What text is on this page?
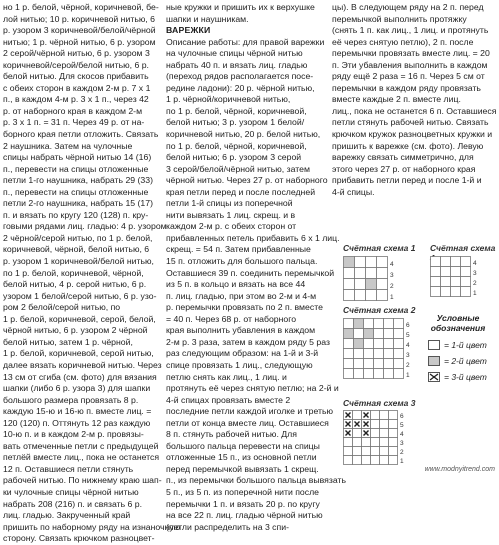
но 1 р. белой, чёрной, коричневой, бе-

лой нитью; 10 р. коричневой нитью, 6

р. узором 3 коричневой/белой/чёрной

нитью; 1 р. чёрной нитью, 6 р. узором

2 серой/чёрной нитью, 6 р. узором 3

коричневой/серой/белой нитью, 6 р.

белой нитью. Для скосов прибавить

с обеих сторон в каждом 2-м р. 7 х 1

п., в каждом 4-м р. 3 х 1 п., через 42

р. от наборного края в каждом 2-м

р. 3 х 1 п. = 31 п. Через 49 р. от на-

борного края петли отложить. Связать

2 наушника. Затем на чулочные

спицы набрать чёрной нитью 14 (16)

п., перевести на спицы отложенные

петли 1-го наушника, набрать 29 (33)

п., перевести на спицы отложенные

петли 2-го наушника, набрать 15 (17)

п. и вязать по кругу 120 (128) п. кру-

говыми рядами лиц. гладью: 4 р. узором

2 чёрной/серой нитью, по 1 р. белой,

коричневой, чёрной, белой нитью, 6

р. узором 1 коричневой/белой нитью,

по 1 р. белой, коричневой, чёрной,

белой нитью, 4 р. серой нитью, 6 р.

узором 1 белой/серой нитью, 6 р. узо-

ром 2 белой/серой нитью, по

1 р. белой, коричневой, серой, белой,

чёрной нитью, 6 р. узором 2 чёрной

белой нитью, затем 1 р. чёрной,

1 р. белой, коричневой, серой нитью,

далее вязать коричневой нитью. Через

13 см от сгиба (см. фото) для вязания

шапки (либо 6 р. узора 3) для шапки

большого размера провязать 8 р.

каждую 15-ю и 16-ю п. вместе лиц. =

120 (120) п. Оттянуть 12 раз каждую

10-ю п. и в каждом 2-м р. провязы-

вать отмеченные петли с предыдущей

петлёй вместе лиц., пока не останется

12 п. Оставшиеся петли стянуть

рабочей нитью. По нижнему краю шап-

ки чулочные спицы чёрной нитью

набрать 208 (216) п. и связать 6 р.

лиц. гладью. Закрученный край

пришить по наборному ряду на изнаночную

сторону. Связать крючком разноцвет-

ные кружки и пришить их к верхушке

шапки и наушникам.

ВАРЕЖКИ

Описание работы: для правой варежки

на чулочные спицы чёрной нитью

набрать 40 п. и вязать лиц. гладью

(переход рядов располагается посе-

редине ладони): 20 р. чёрной нитью,

1 р. чёрной/коричневой нитью,

по 1 р. белой, чёрной, коричневой,

белой нитью; 3 р. узором 1 белой/

коричневой нитью, 20 р. белой нитью,

по 1 р. белой, чёрной, коричневой,

белой нитью; 6 р. узором 3 серой

3 серой/белой/чёрной нитью, затем

чёрной нитью. Через 27 р. от наборного

края петли перед и после последней

петли 1-й спицы из поперечной

нити вывязать 1 лиц. скрещ. и в

каждом 2-м р. с обеих сторон от

прибавленных петель прибавить 6 х 1 лиц.

скрещ. = 54 п. Затем прибавленные

15 п. отложить для большого пальца.

Оставшиеся 39 п. соединить перемычкой

из 5 п. в кольцо и вязать на все 44

п. лиц. гладью, при этом во 2-м и 4-м

р. перемычки провязать по 2 п. вместе

= 40 п. Через 68 р. от наборного

края выполнить убавления в каждом

2-м р. 3 раза, затем в каждом ряду 5 раз

раз следующим образом: на 1-й и 3-й

спице провязать 1 лиц., следующую

петлю снять как лиц., 1 лиц. и

протянуть её через снятую петлю; на 2-й и

4-й спицах провязать вместе 2

последние петли каждой иголке и третью

петли от конца вместе лиц. Оставшиеся

8 п. стянуть рабочей нитью. Для

большого пальца перевести на спицы

отложенные 15 п., из основной петли

перед перемычкой вывязать 1 скрещ.

п., из перемычки большого пальца вывязать

5 п., из 5 п. из поперечной нити после

перемычки 1 п. и вязать 20 р. по кругу

на все 22 п. лиц. гладью чёрной нитью

(петли распределить на 3 спи-

цы). В следующем ряду на 2 п. перед

перемычкой выполнить протяжку

(снять 1 п. как лиц., 1 лиц. и протянуть

её через снятую петлю), 2 п. после

перемычки провязать вместе лиц. = 20

п. Эти убавления выполнить в каждом

ряду ещё 2 раза = 16 п. Через 5 см от

перемычки в каждом ряду провязать

вместе каждые 2 п. вместе лиц.

лиц., пока не останется 6 п. Оставшиеся

петли стянуть рабочей нитью. Связать

крючком кружок разноцветных кружки и

пришить к варежке (см. фото). Левую

варежку связать симметрично, для

этого через 27 р. от наборного края

прибавить петли перед и после 1-й и

4-й спицы.

Счётная схема 1
1
2
3
4
Счётная схема
1
2
3
4
Счётная схема 2
1
2
3
4
5
6
Условные
обозначения
= 1-й цвет
= 2-й цвет
= 3-й цвет
Счётная схема 3
1
2
3
4
5
6
www.modnyitrend.com
